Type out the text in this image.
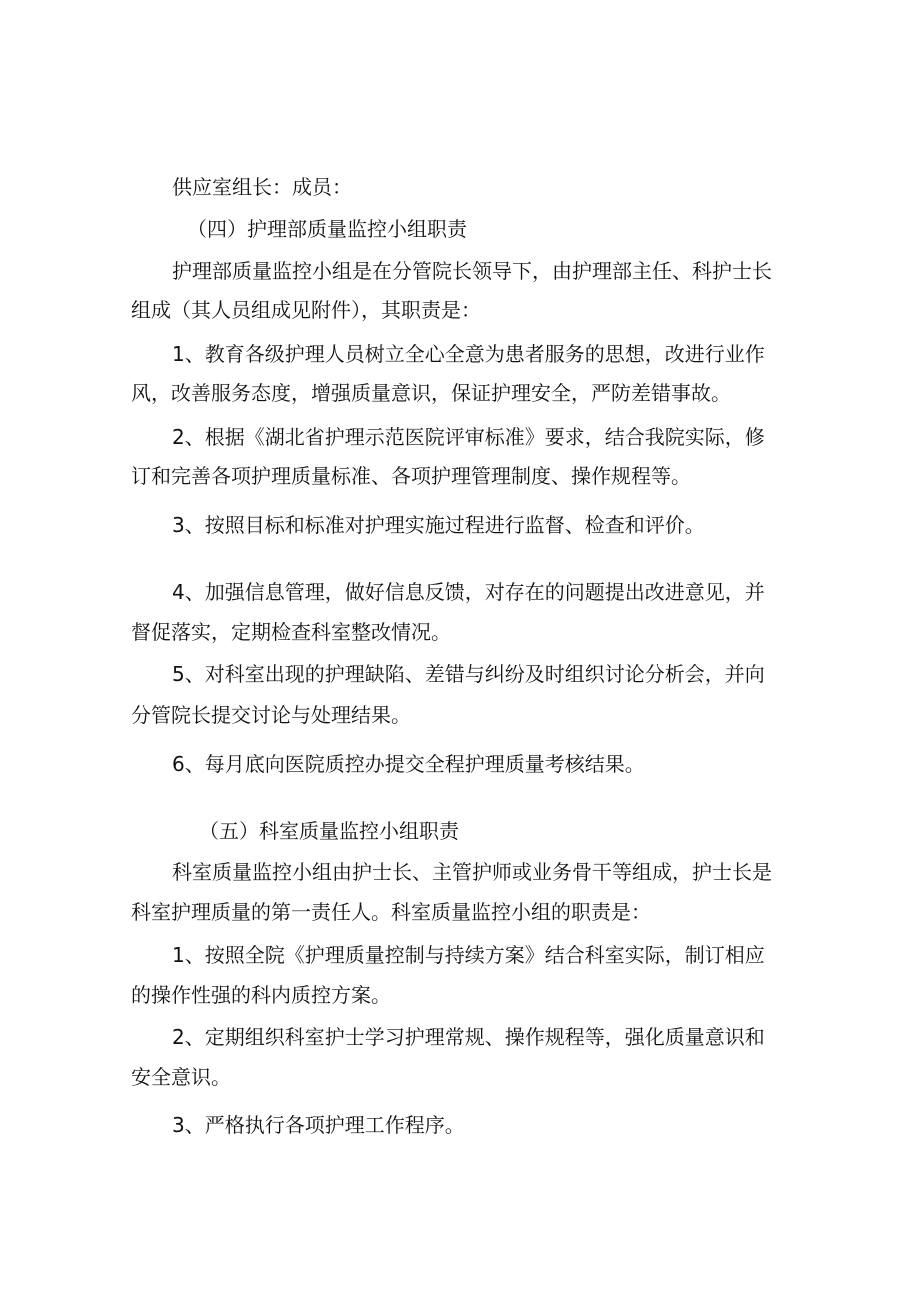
供应室组长：成员：
（四）护理部质量监控小组职责
护理部质量监控小组是在分管院长领导下，由护理部主任、科护士长
组成（其人员组成见附件），其职责是：
1、教育各级护理人员树立全心全意为患者服务的思想，改进行业作
风，改善服务态度，增强质量意识，保证护理安全，严防差错事故。
2、根据《湖北省护理示范医院评审标准》要求，结合我院实际，修
订和完善各项护理质量标准、各项护理管理制度、操作规程等。
3、按照目标和标准对护理实施过程进行监督、检查和评价。
4、加强信息管理，做好信息反馈，对存在的问题提出改进意见，并
督促落实，定期检查科室整改情况。
5、对科室出现的护理缺陷、差错与纠纷及时组织讨论分析会，并向
分管院长提交讨论与处理结果。
6、每月底向医院质控办提交全程护理质量考核结果。
（五）科室质量监控小组职责
科室质量监控小组由护士长、主管护师或业务骨干等组成，护士长是
科室护理质量的第一责任人。科室质量监控小组的职责是：
1、按照全院《护理质量控制与持续方案》结合科室实际，制订相应
的操作性强的科内质控方案。
2、定期组织科室护士学习护理常规、操作规程等，强化质量意识和
安全意识。
3、严格执行各项护理工作程序。
